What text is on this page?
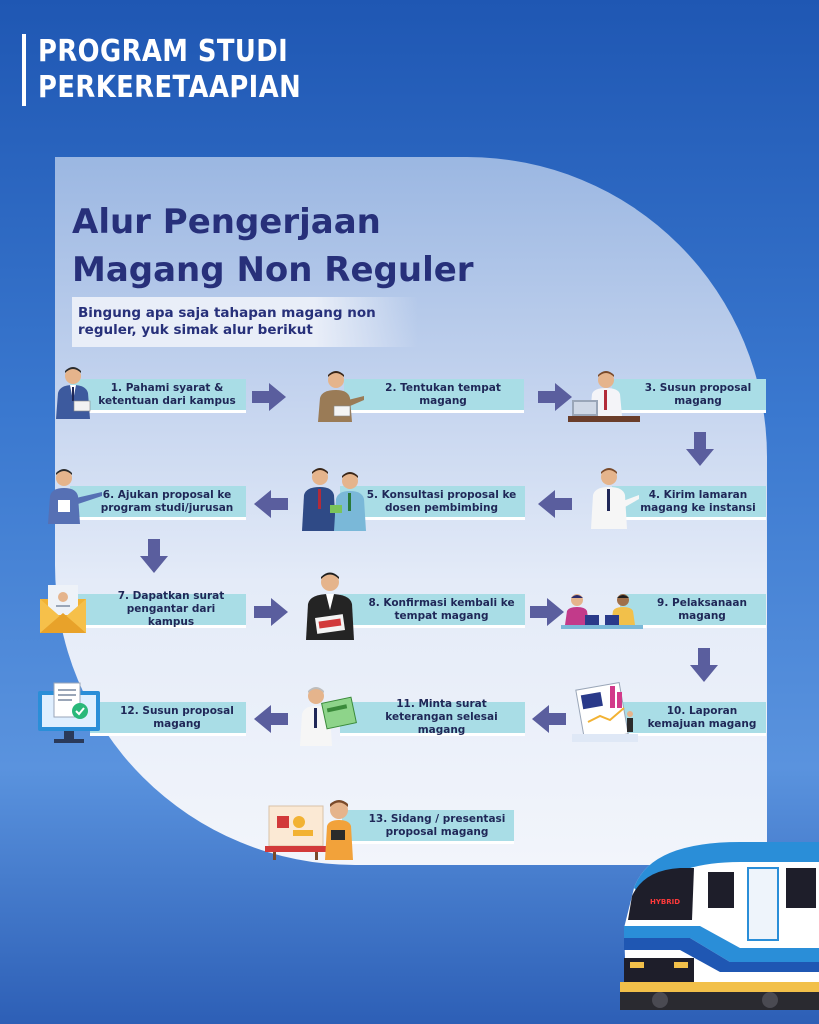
PROGRAM STUDI
PERKERETAAPIAN
Alur Pengerjaan
Magang Non Reguler
Bingung apa saja tahapan magang non reguler, yuk simak alur berikut
1. Pahami syarat & ketentuan dari kampus
2. Tentukan tempat magang
3. Susun proposal magang
4. Kirim lamaran magang ke instansi
5. Konsultasi proposal ke dosen pembimbing
6. Ajukan proposal ke program studi/jurusan
7. Dapatkan surat pengantar dari kampus
8. Konfirmasi kembali ke tempat magang
9. Pelaksanaan magang
10. Laporan kemajuan magang
11. Minta surat keterangan selesai magang
12. Susun proposal magang
13. Sidang / presentasi proposal magang
HYBRID
